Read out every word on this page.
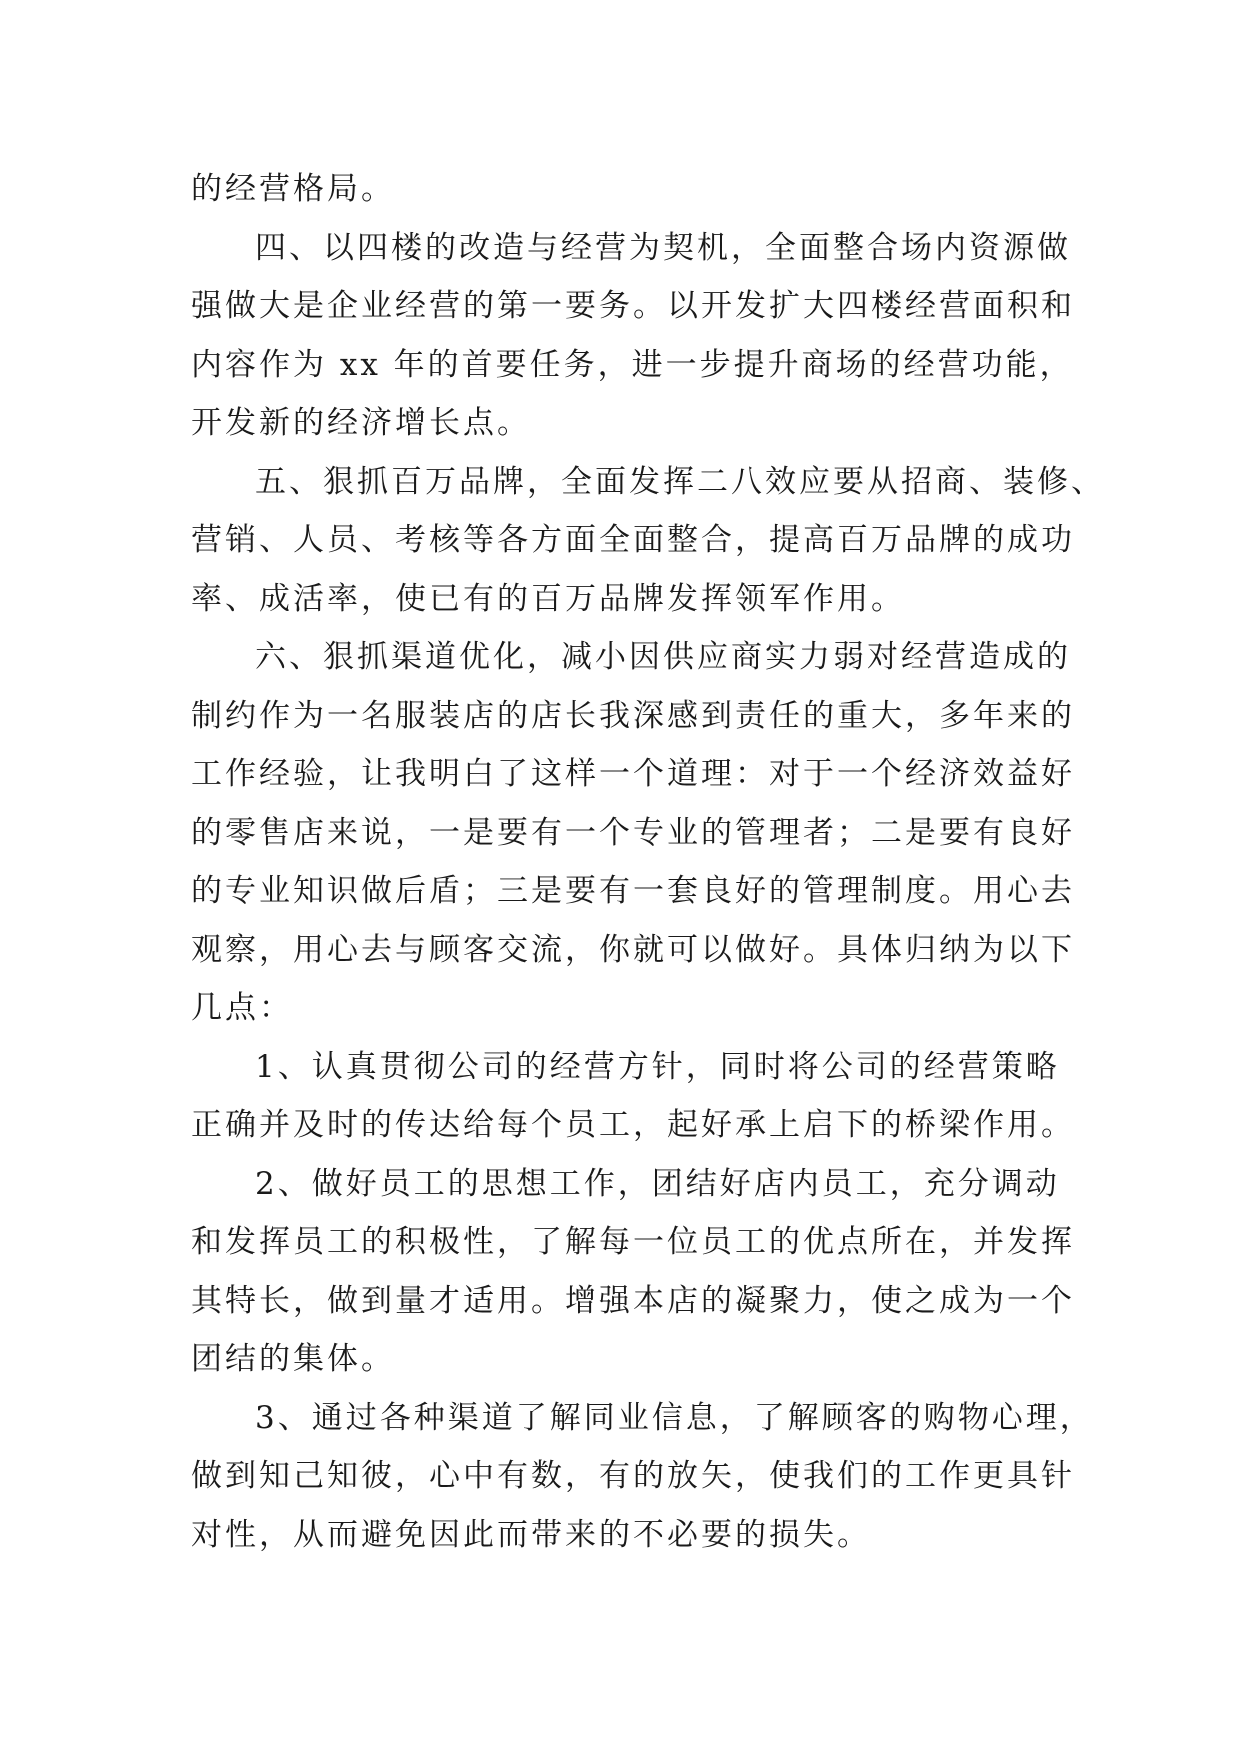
的经营格局。
四、以四楼的改造与经营为契机，全面整合场内资源做
强做大是企业经营的第一要务。以开发扩大四楼经营面积和
内容作为 xx 年的首要任务，进一步提升商场的经营功能，
开发新的经济增长点。
五、狠抓百万品牌，全面发挥二八效应要从招商、装修、
营销、人员、考核等各方面全面整合，提高百万品牌的成功
率、成活率，使已有的百万品牌发挥领军作用。
六、狠抓渠道优化，减小因供应商实力弱对经营造成的
制约作为一名服装店的店长我深感到责任的重大，多年来的
工作经验，让我明白了这样一个道理：对于一个经济效益好
的零售店来说，一是要有一个专业的管理者；二是要有良好
的专业知识做后盾；三是要有一套良好的管理制度。用心去
观察，用心去与顾客交流，你就可以做好。具体归纳为以下
几点：
1、认真贯彻公司的经营方针，同时将公司的经营策略
正确并及时的传达给每个员工，起好承上启下的桥梁作用。
2、做好员工的思想工作，团结好店内员工，充分调动
和发挥员工的积极性，了解每一位员工的优点所在，并发挥
其特长，做到量才适用。增强本店的凝聚力，使之成为一个
团结的集体。
3、通过各种渠道了解同业信息，了解顾客的购物心理，
做到知己知彼，心中有数，有的放矢，使我们的工作更具针
对性，从而避免因此而带来的不必要的损失。
